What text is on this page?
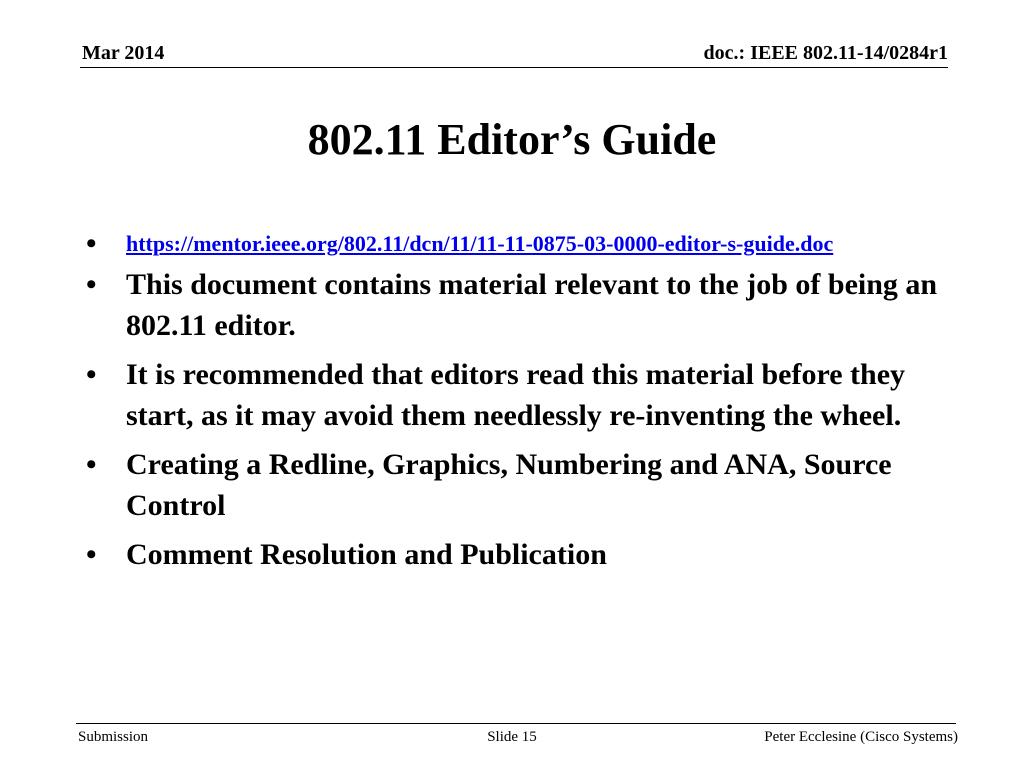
Mar 2014	doc.: IEEE 802.11-14/0284r1
802.11 Editor’s Guide
•	https://mentor.ieee.org/802.11/dcn/11/11-11-0875-03-0000-editor-s-guide.doc
• This document contains material relevant to the job of being an 802.11 editor.
• It is recommended that editors read this material before they start, as it may avoid them needlessly re-inventing the wheel.
• Creating a Redline, Graphics, Numbering and ANA, Source Control
• Comment Resolution and Publication
Submission	Slide 15	Peter Ecclesine (Cisco Systems)
